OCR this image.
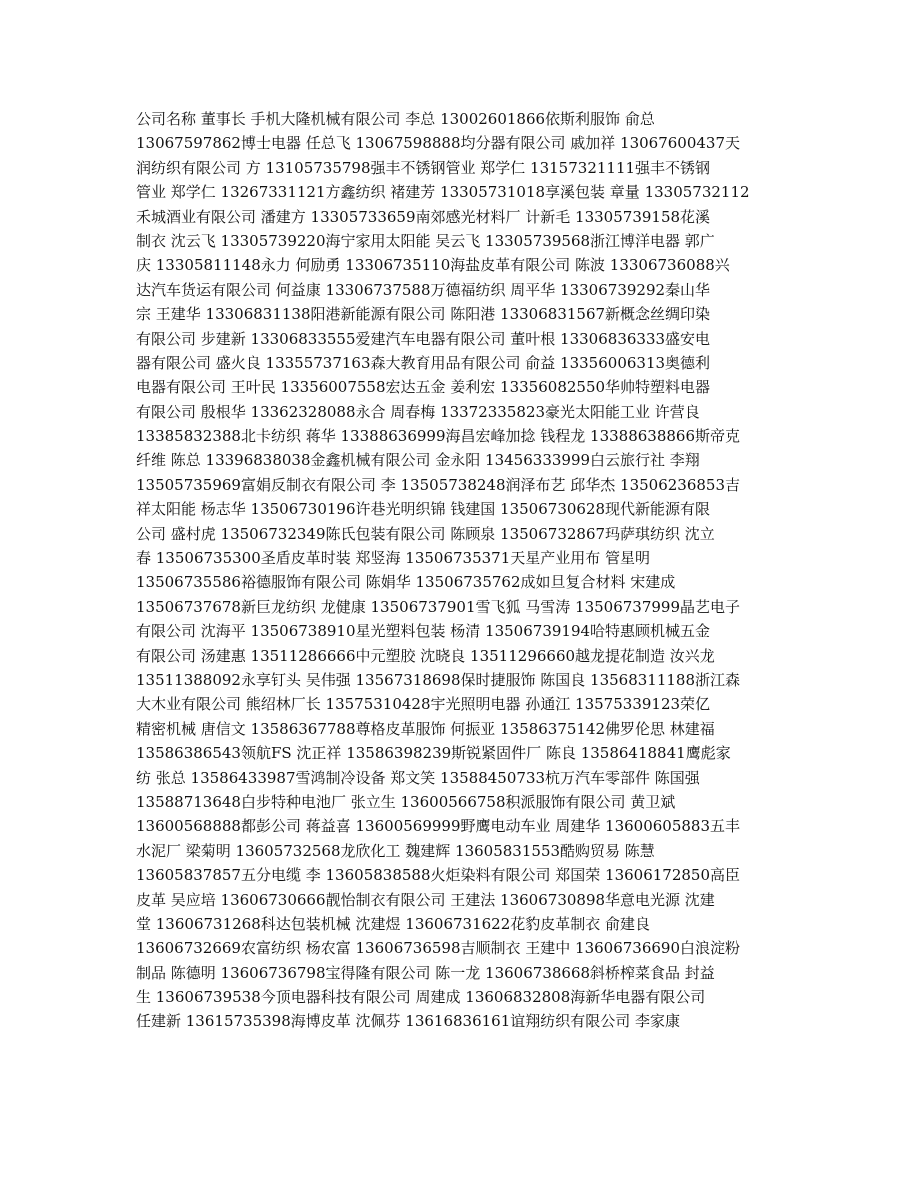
公司名称 董事长 手机大隆机械有限公司 李总 13002601866依斯利服饰 俞总
13067597862博士电器 任总飞 13067598888均分器有限公司 戚加祥 13067600437天
润纺织有限公司 方 13105735798强丰不锈钢管业 郑学仁 13157321111强丰不锈钢
管业 郑学仁 13267331121方鑫纺织 褚建芳 13305731018享溪包装 章量 13305732112
禾城酒业有限公司 潘建方 13305733659南郊感光材料厂 计新毛 13305739158花溪
制衣 沈云飞 13305739220海宁家用太阳能 吴云飞 13305739568浙江博洋电器 郭广
庆 13305811148永力 何励勇 13306735110海盐皮革有限公司 陈波 13306736088兴
达汽车货运有限公司 何益康 13306737588万德福纺织 周平华 13306739292秦山华
宗 王建华 13306831138阳港新能源有限公司 陈阳港 13306831567新概念丝绸印染
有限公司 步建新 13306833555爱建汽车电器有限公司 董叶根 13306836333盛安电
器有限公司 盛火良 13355737163森大教育用品有限公司 俞益 13356006313奥德利
电器有限公司 王叶民 13356007558宏达五金 姜利宏 13356082550华帅特塑料电器
有限公司 殷根华 13362328088永合 周春梅 13372335823豪光太阳能工业 许营良
13385832388北卡纺织 蒋华 13388636999海昌宏峰加捻 钱程龙 13388638866斯帝克
纤维 陈总 13396838038金鑫机械有限公司 金永阳 13456333999白云旅行社 李翔
13505735969富娟反制衣有限公司 李 13505738248润泽布艺 邱华杰 13506236853吉
祥太阳能 杨志华 13506730196许巷光明织锦 钱建国 13506730628现代新能源有限
公司 盛村虎 13506732349陈氏包装有限公司 陈顾泉 13506732867玛萨琪纺织 沈立
春 13506735300圣盾皮革时装 郑竖海 13506735371天星产业用布 管星明
13506735586裕德服饰有限公司 陈娟华 13506735762成如旦复合材料 宋建成
13506737678新巨龙纺织 龙健康 13506737901雪飞狐 马雪涛 13506737999晶艺电子
有限公司 沈海平 13506738910星光塑料包装 杨清 13506739194哈特惠顾机械五金
有限公司 汤建惠 13511286666中元塑胶 沈晓良 13511296660越龙提花制造 汝兴龙
13511388092永享钉头 吴伟强 13567318698保时捷服饰 陈国良 13568311188浙江森
大木业有限公司 熊绍林厂长 13575310428宇光照明电器 孙通江 13575339123荣亿
精密机械 唐信文 13586367788尊格皮革服饰 何振亚 13586375142佛罗伦思 林建福
13586386543领航FS 沈正祥 13586398239斯锐紧固件厂 陈良 13586418841鹰彪家
纺 张总 13586433987雪鸿制冷设备 郑文笑 13588450733杭万汽车零部件 陈国强
13588713648白步特种电池厂 张立生 13600566758积派服饰有限公司 黄卫斌
13600568888都彭公司 蒋益喜 13600569999野鹰电动车业 周建华 13600605883五丰
水泥厂 梁菊明 13605732568龙欣化工 魏建辉 13605831553酷购贸易 陈慧
13605837857五分电缆 李 13605838588火炬染料有限公司 郑国荣 13606172850高臣
皮革 吴应培 13606730666靓怡制衣有限公司 王建法 13606730898华意电光源 沈建
堂 13606731268科达包装机械 沈建煜 13606731622花豹皮革制衣 俞建良
13606732669农富纺织 杨农富 13606736598吉顺制衣 王建中 13606736690白浪淀粉
制品 陈德明 13606736798宝得隆有限公司 陈一龙 13606738668斜桥榨菜食品 封益
生 13606739538今顶电器科技有限公司 周建成 13606832808海新华电器有限公司
任建新 13615735398海博皮革 沈佩芬 13616836161谊翔纺织有限公司 李家康
